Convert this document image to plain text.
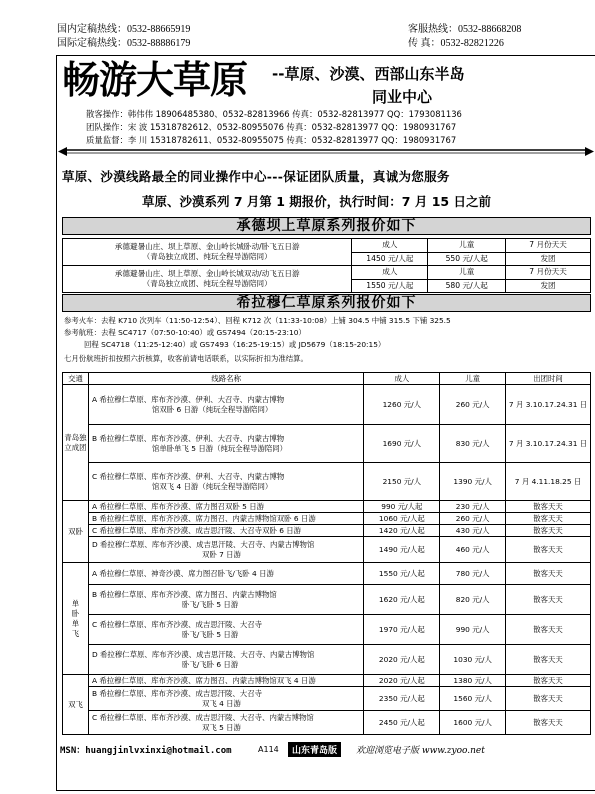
国内定稿热线：0532-88665919
国际定稿热线：0532-88886179
客服热线：0532-88668208
传 真：0532-82821226
畅游大草原 --草原、沙漠、西部山东半岛
同业中心
散客操作：韩伟伟 18906485380、0532-82813966 传真：0532-82813977 QQ：1793081136
团队操作：宋 波 15318782612、0532-80955076 传真：0532-82813977 QQ：1980931767
质量监督：李 川 15318782611、0532-80955075 传真：0532-82813977 QQ：1980931767
草原、沙漠线路最全的同业操作中心---保证团队质量，真诚为您服务
草原、沙漠系列 7 月第 1 期报价，执行时间：7 月 15 日之前
承德坝上草原系列报价如下
承德避暑山庄、坝上草原、金山岭长城卧动/卧飞五日游
（青岛独立成团、纯玩全程导游陪同）	成人	儿童	7 月份天天
	1450 元/人起	550 元/人起	发团

承德避暑山庄、坝上草原、金山岭长城双动/动飞五日游
（青岛独立成团、纯玩全程导游陪同）	成人	儿童	7 月份天天
	1550 元/人起	580 元/人起	发团
希拉穆仁草原系列报价如下
参考火车：去程 K710 次列车（11:50-12:54）、回程 K712 次（11:33-10:08）上铺 304.5 中铺 315.5 下铺 325.5
参考航班：去程 SC4717（07:50-10:40）或 GS7494（20:15-23:10）
回程 SC4718（11:25-12:40）或 GS7493（16:25-19:15）或 JD5679（18:15-20:15）
七月份航班折扣按照六折核算，收客前请电话联系，以实际折扣为准结算。
交通	线路名称	成人	儿童	出团时间
青岛独立成团	A 希拉穆仁草原、库布齐沙漠、伊利、大召寺、内蒙古博物
馆双卧 6 日游（纯玩全程导游陪同）	1260 元/人	260 元/人	7 月 3.10.17.24.31 日

	B 希拉穆仁草原、库布齐沙漠、伊利、大召寺、内蒙古博物
馆单卧单飞 5 日游（纯玩全程导游陪同）	1690 元/人	830 元/人	7 月 3.10.17.24.31 日

	C 希拉穆仁草原、库布齐沙漠、伊利、大召寺、内蒙古博物
馆双飞 4 日游（纯玩全程导游陪同）	2150 元/人	1390 元/人	7 月 4.11.18.25 日
双卧	A 希拉穆仁草原、库布齐沙漠、席力图召双卧 5 日游	990 元/人起	230 元/人	散客天天

	B 希拉穆仁草原、库布齐沙漠、席力图召、内蒙古博物馆双卧 6 日游	1060 元/人起	260 元/人	散客天天

	C 希拉穆仁草原、库布齐沙漠、成吉思汗陵、大召寺双卧 6 日游	1420 元/人起	430 元/人	散客天天

	D 希拉穆仁草原、库布齐沙漠、成吉思汗陵、大召寺、内蒙古博物馆
双卧 7 日游	1490 元/人起	460 元/人	散客天天
单卧单飞	A 希拉穆仁草原、神奇沙漠、席力图召卧飞/飞卧 4 日游	1550 元/人起	780 元/人	散客天天

	B 希拉穆仁草原、库布齐沙漠、席力图召、内蒙古博物馆
卧飞/飞卧 5 日游	1620 元/人起	820 元/人	散客天天

	C 希拉穆仁草原、库布齐沙漠、成吉思汗陵、大召寺
卧飞/飞卧 5 日游	1970 元/人起	990 元/人	散客天天

	D 希拉穆仁草原、库布齐沙漠、成吉思汗陵、大召寺、内蒙古博物馆
卧飞/飞卧 6 日游	2020 元/人起	1030 元/人	散客天天
双飞	A 希拉穆仁草原、库布齐沙漠、席力图召、内蒙古博物馆双飞 4 日游	2020 元/人起	1380 元/人	散客天天

	B 希拉穆仁草原、库布齐沙漠、成吉思汗陵、大召寺
双飞 4 日游	2350 元/人起	1560 元/人	散客天天

	C 希拉穆仁草原、库布齐沙漠、成吉思汗陵、大召寺、内蒙古博物馆
双飞 5 日游	2450 元/人起	1600 元/人	散客天天
MSN：huangjinlvxinxi@hotmail.com	A114	山东青岛版	欢迎浏览电子版 www.zyoo.net
